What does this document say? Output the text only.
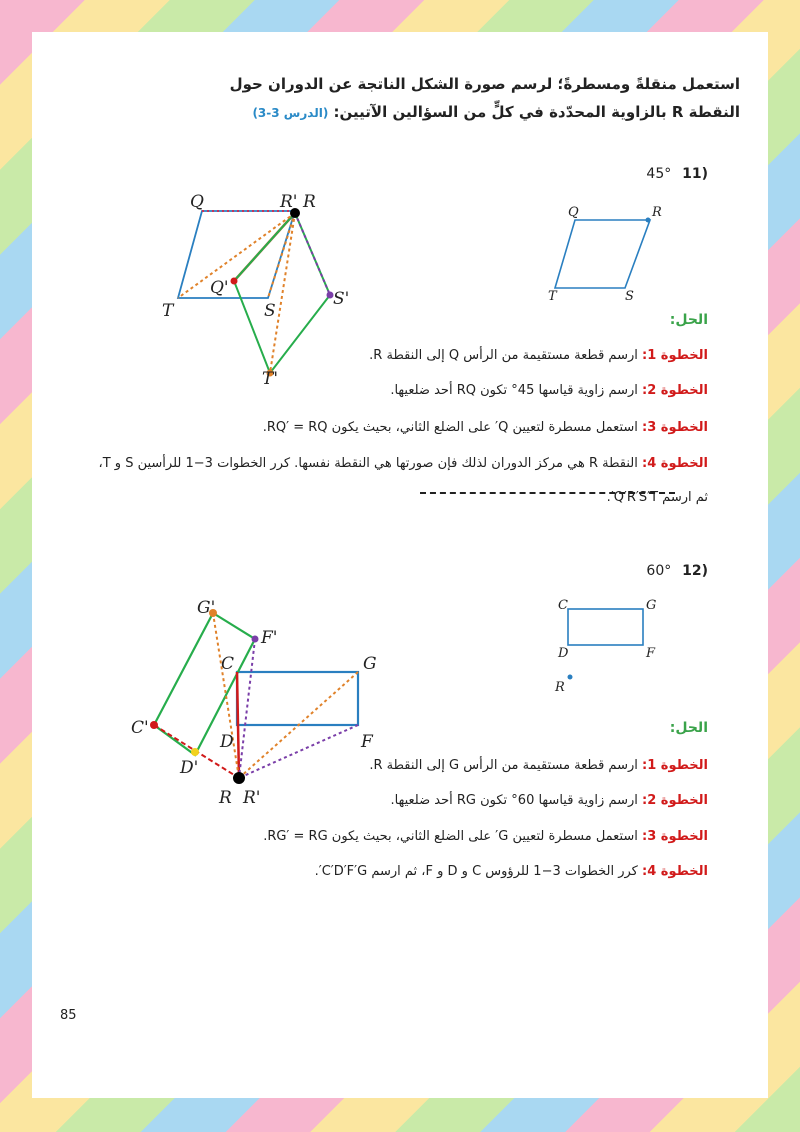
استعمل منقلةً ومسطرةً؛ لرسم صورة الشكل الناتجة عن الدوران حول
النقطة R بالزاوية المحدّدة في كلٍّ من السؤالين الآتيين: (الدرس 3-3)
(11 45°
Q	R
T	S
Q	R' R
Q'
T	S
S'
T'
الحل:
الخطوة 1: ارسم قطعة مستقيمة من الرأس Q إلى النقطة R.
الخطوة 2: ارسم زاوية قياسها 45° تكون RQ أحد ضلعيها.
الخطوة 3: استعمل مسطرة لتعيين Q′ على الضلع الثاني، بحيث يكون RQ′ = RQ.
الخطوة 4: النقطة R هي مركز الدوران لذلك فإن صورتها هي النقطة نفسها. كرر الخطوات 3−1 للرأسين S و T،
ثم ارسم Q′R′S′T′.
(12 60°
C	G
D	F
R
G'
F'
C	G
C'
D	F
D'
R R'
الحل:
الخطوة 1: ارسم قطعة مستقيمة من الرأس G إلى النقطة R.
الخطوة 2: ارسم زاوية قياسها 60° تكون RG أحد ضلعيها.
الخطوة 3: استعمل مسطرة لتعيين G′ على الضلع الثاني، بحيث يكون RG′ = RG.
الخطوة 4: كرر الخطوات 3−1 للرؤوس C و D و F، ثم ارسم C′D′F′G′.
85
